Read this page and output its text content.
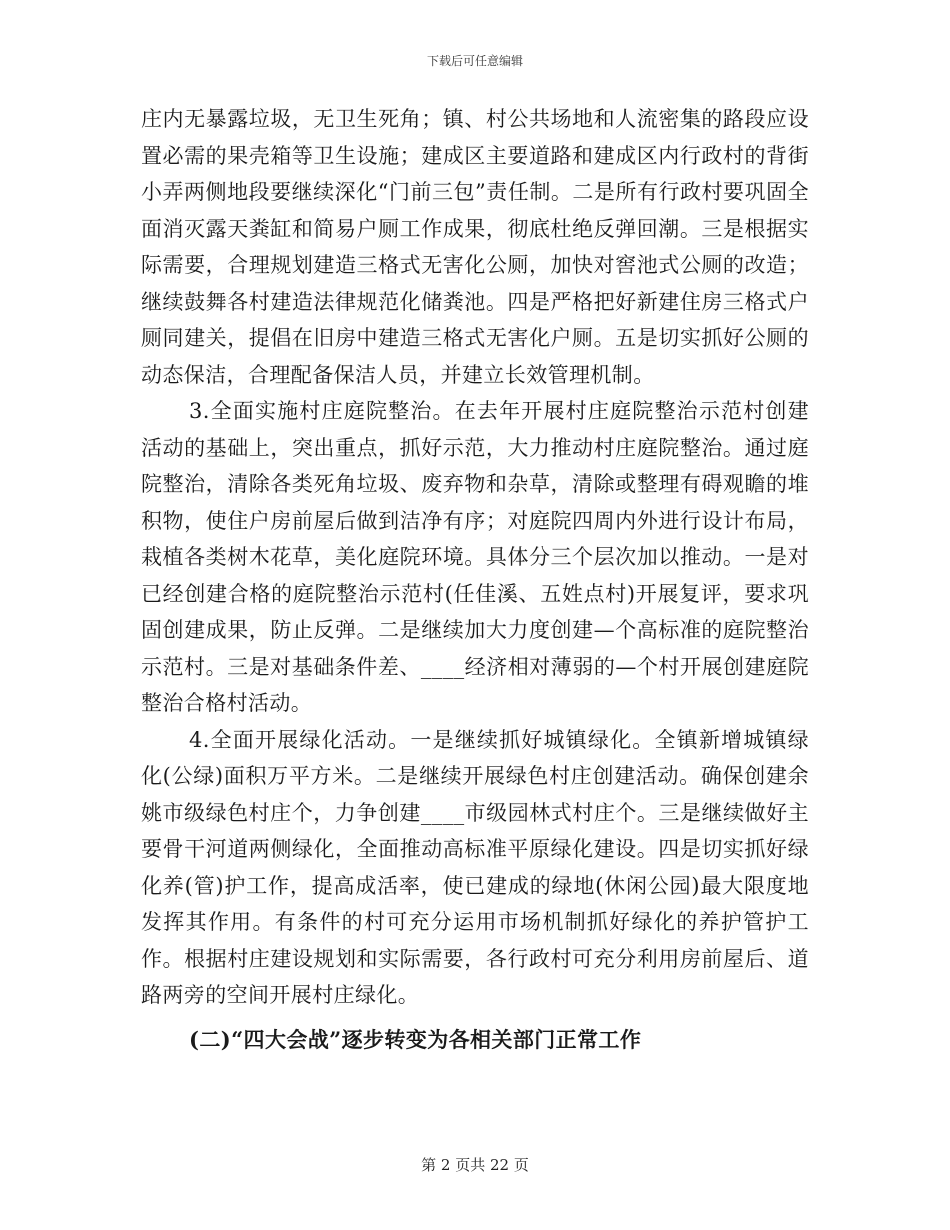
下载后可任意编辑

庄内无暴露垃圾，无卫生死角；镇、村公共场地和人流密集的路段应设置必需的果壳箱等卫生设施；建成区主要道路和建成区内行政村的背街小弄两侧地段要继续深化“门前三包”责任制。二是所有行政村要巩固全面消灭露天粪缸和简易户厕工作成果，彻底杜绝反弹回潮。三是根据实际需要，合理规划建造三格式无害化公厕，加快对窖池式公厕的改造；继续鼓舞各村建造法律规范化储粪池。四是严格把好新建住房三格式户厕同建关，提倡在旧房中建造三格式无害化户厕。五是切实抓好公厕的动态保洁，合理配备保洁人员，并建立长效管理机制。

3.全面实施村庄庭院整治。在去年开展村庄庭院整治示范村创建活动的基础上，突出重点，抓好示范，大力推动村庄庭院整治。通过庭院整治，清除各类死角垃圾、废弃物和杂草，清除或整理有碍观瞻的堆积物，使住户房前屋后做到洁净有序；对庭院四周内外进行设计布局，栽植各类树木花草，美化庭院环境。具体分三个层次加以推动。一是对已经创建合格的庭院整治示范村(任佳溪、五姓点村)开展复评，要求巩固创建成果，防止反弹。二是继续加大力度创建—个高标准的庭院整治示范村。三是对基础条件差、____经济相对薄弱的—个村开展创建庭院整治合格村活动。

4.全面开展绿化活动。一是继续抓好城镇绿化。全镇新增城镇绿化(公绿)面积万平方米。二是继续开展绿色村庄创建活动。确保创建余姚市级绿色村庄个，力争创建____市级园林式村庄个。三是继续做好主要骨干河道两侧绿化，全面推动高标准平原绿化建设。四是切实抓好绿化养(管)护工作，提高成活率，使已建成的绿地(休闲公园)最大限度地发挥其作用。有条件的村可充分运用市场机制抓好绿化的养护管护工作。根据村庄建设规划和实际需要，各行政村可充分利用房前屋后、道路两旁的空间开展村庄绿化。

(二)“四大会战”逐步转变为各相关部门正常工作

第 2 页共 22 页
